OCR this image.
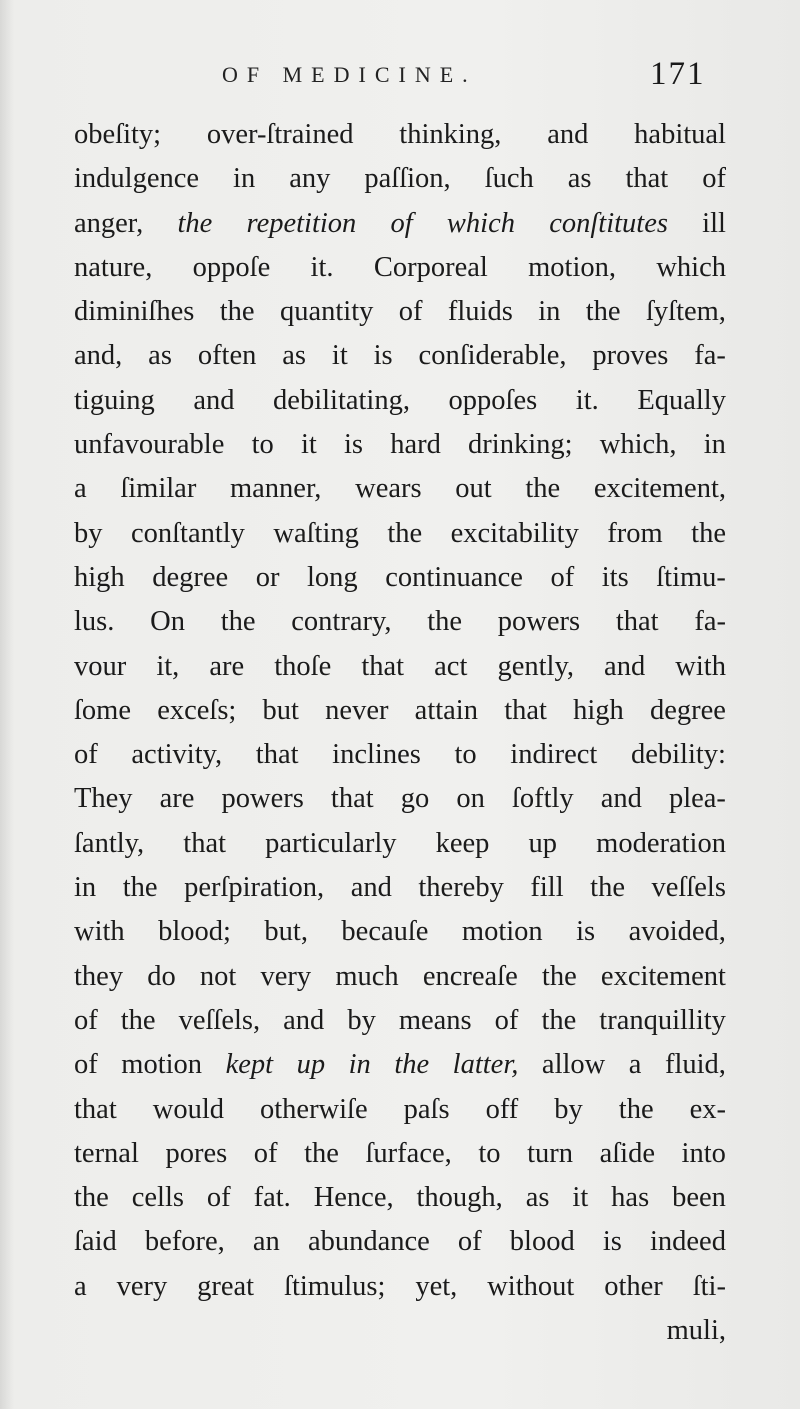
OF MEDICINE.	171
obeſity; over-ſtrained thinking, and habitual
indulgence in any paſſion, ſuch as that of
anger, the repetition of which conſtitutes ill
nature, oppoſe it. Corporeal motion, which
diminiſhes the quantity of fluids in the ſyſtem,
and, as often as it is conſiderable, proves fa-
tiguing and debilitating, oppoſes it. Equally
unfavourable to it is hard drinking; which, in
a ſimilar manner, wears out the excitement,
by conſtantly waſting the excitability from the
high degree or long continuance of its ſtimu-
lus. On the contrary, the powers that fa-
vour it, are thoſe that act gently, and with
ſome exceſs; but never attain that high degree
of activity, that inclines to indirect debility:
They are powers that go on ſoftly and plea-
ſantly, that particularly keep up moderation
in the perſpiration, and thereby fill the veſſels
with blood; but, becauſe motion is avoided,
they do not very much encreaſe the excitement
of the veſſels, and by means of the tranquillity
of motion kept up in the latter, allow a fluid,
that would otherwiſe paſs off by the ex-
ternal pores of the ſurface, to turn aſide into
the cells of fat. Hence, though, as it has been
ſaid before, an abundance of blood is indeed
a very great ſtimulus; yet, without other ſti-
muli,
